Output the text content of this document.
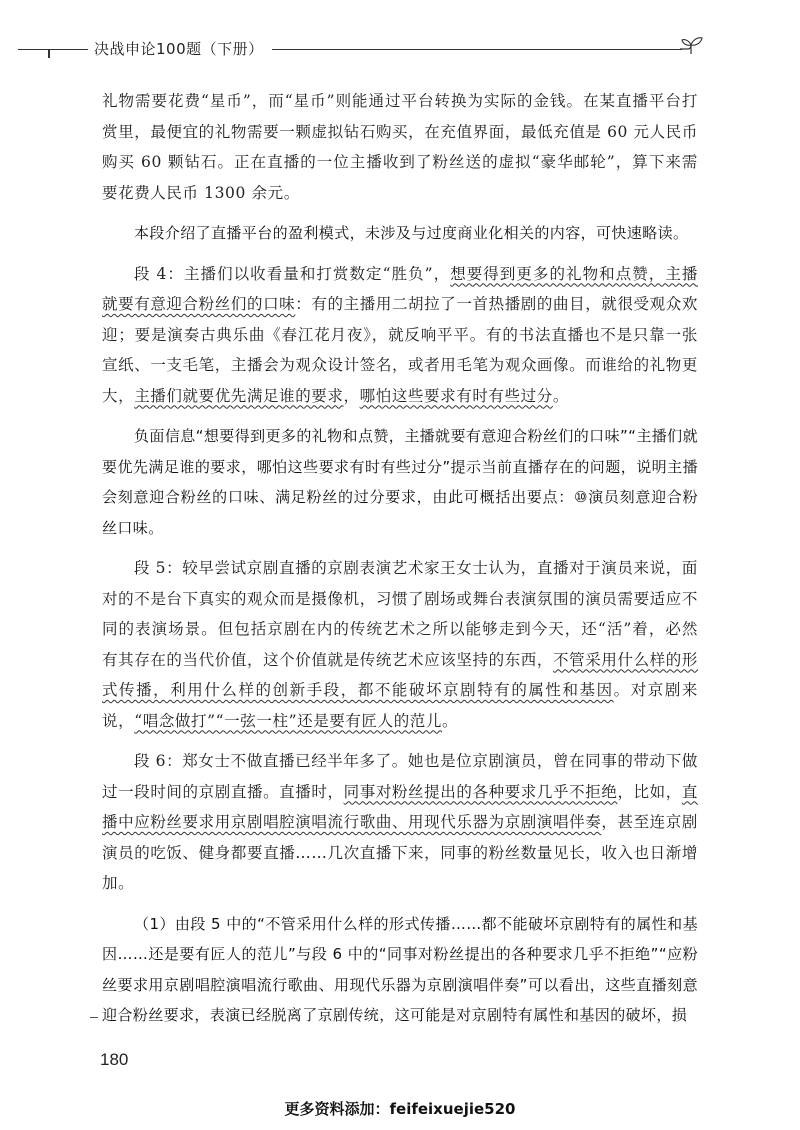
决战申论100题（下册）

礼物需要花费“星币”，而“星币”则能通过平台转换为实际的金钱。在某直播平台打赏里，最便宜的礼物需要一颗虚拟钻石购买，在充值界面，最低充值是 60 元人民币购买 60 颗钻石。正在直播的一位主播收到了粉丝送的虚拟“豪华邮轮”，算下来需要花费人民币 1300 余元。

本段介绍了直播平台的盈利模式，未涉及与过度商业化相关的内容，可快速略读。

段 4：主播们以收看量和打赏数定“胜负”，想要得到更多的礼物和点赞，主播就要有意迎合粉丝们的口味：有的主播用二胡拉了一首热播剧的曲目，就很受观众欢迎；要是演奏古典乐曲《春江花月夜》，就反响平平。有的书法直播也不是只靠一张宣纸、一支毛笔，主播会为观众设计签名，或者用毛笔为观众画像。而谁给的礼物更大，主播们就要优先满足谁的要求，哪怕这些要求有时有些过分。

负面信息“想要得到更多的礼物和点赞，主播就要有意迎合粉丝们的口味”“主播们就要优先满足谁的要求，哪怕这些要求有时有些过分”提示当前直播存在的问题，说明主播会刻意迎合粉丝的口味、满足粉丝的过分要求，由此可概括出要点：⑩演员刻意迎合粉丝口味。

段 5：较早尝试京剧直播的京剧表演艺术家王女士认为，直播对于演员来说，面对的不是台下真实的观众而是摄像机，习惯了剧场或舞台表演氛围的演员需要适应不同的表演场景。但包括京剧在内的传统艺术之所以能够走到今天，还“活”着，必然有其存在的当代价值，这个价值就是传统艺术应该坚持的东西，不管采用什么样的形式传播，利用什么样的创新手段，都不能破坏京剧特有的属性和基因。对京剧来说，“唱念做打”“一弦一柱”还是要有匠人的范儿。

段 6：郑女士不做直播已经半年多了。她也是位京剧演员，曾在同事的带动下做过一段时间的京剧直播。直播时，同事对粉丝提出的各种要求几乎不拒绝，比如，直播中应粉丝要求用京剧唱腔演唱流行歌曲、用现代乐器为京剧演唱伴奏，甚至连京剧演员的吃饭、健身都要直播……几次直播下来，同事的粉丝数量见长，收入也日渐增加。

（1）由段 5 中的“不管采用什么样的形式传播……都不能破坏京剧特有的属性和基因……还是要有匠人的范儿”与段 6 中的“同事对粉丝提出的各种要求几乎不拒绝”“应粉丝要求用京剧唱腔演唱流行歌曲、用现代乐器为京剧演唱伴奏”可以看出，这些直播刻意迎合粉丝要求，表演已经脱离了京剧传统，这可能是对京剧特有属性和基因的破坏，损

180
更多资料添加：feifeixuejie520
